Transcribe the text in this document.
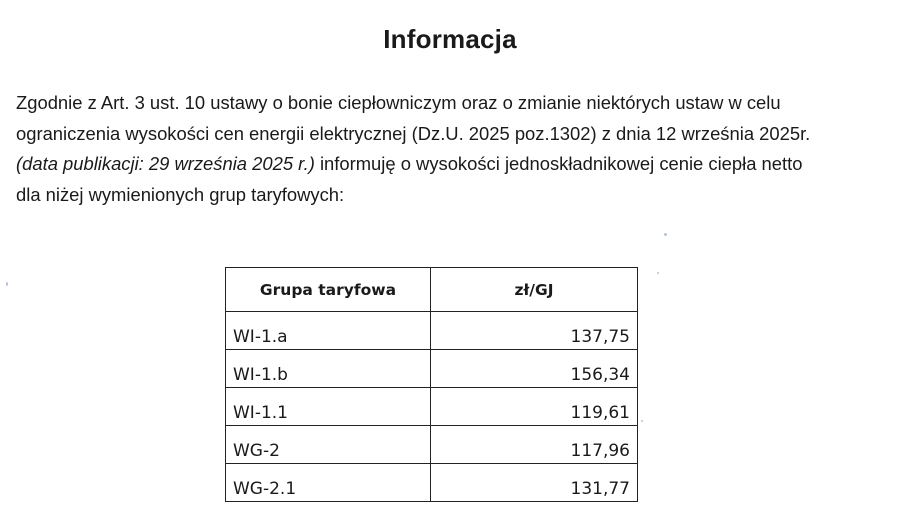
Informacja

Zgodnie z Art. 3 ust. 10 ustawy o bonie ciepłowniczym oraz o zmianie niektórych ustaw w celu
ograniczenia wysokości cen energii elektrycznej (Dz.U. 2025 poz.1302) z dnia 12 września 2025r.
(data publikacji: 29 września 2025 r.) informuję o wysokości jednoskładnikowej cenie ciepła netto
dla niżej wymienionych grup taryfowych:

Grupa taryfowa	zł/GJ
WI-1.a	137,75
WI-1.b	156,34
WI-1.1	119,61
WG-2	117,96
WG-2.1	131,77
